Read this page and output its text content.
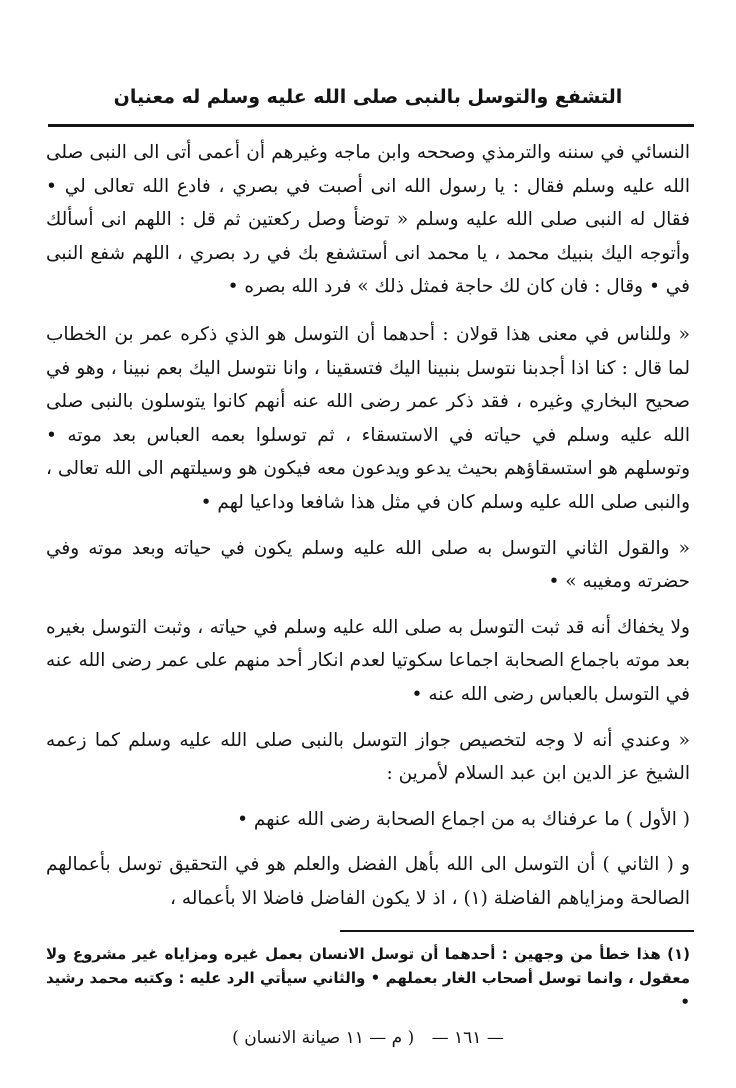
التشفع والتوسل بالنبى صلى الله عليه وسلم له معنيان

النسائي في سننه والترمذي وصححه وابن ماجه وغيرهم أن أعمى أتى الى النبى صلى الله عليه وسلم فقال : يا رسول الله انى أصبت في بصري ، فادع الله تعالى لي • فقال له النبى صلى الله عليه وسلم « توضأ وصل ركعتين ثم قل : اللهم انى أسألك وأتوجه اليك بنبيك محمد ، يا محمد انى أستشفع بك في رد بصري ، اللهم شفع النبى في • وقال : فان كان لك حاجة فمثل ذلك » فرد الله بصره •

« وللناس في معنى هذا قولان : أحدهما أن التوسل هو الذي ذكره عمر بن الخطاب لما قال : كنا اذا أجدبنا نتوسل بنبينا اليك فتسقينا ، وانا نتوسل اليك بعم نبينا ، وهو في صحيح البخاري وغيره ، فقد ذكر عمر رضى الله عنه أنهم كانوا يتوسلون بالنبى صلى الله عليه وسلم في حياته في الاستسقاء ، ثم توسلوا بعمه العباس بعد موته • وتوسلهم هو استسقاؤهم بحيث يدعو ويدعون معه فيكون هو وسيلتهم الى الله تعالى ، والنبى صلى الله عليه وسلم كان في مثل هذا شافعا وداعيا لهم •

« والقول الثاني التوسل به صلى الله عليه وسلم يكون في حياته وبعد موته وفي حضرته ومغيبه » •

ولا يخفاك أنه قد ثبت التوسل به صلى الله عليه وسلم في حياته ، وثبت التوسل بغيره بعد موته باجماع الصحابة اجماعا سكوتيا لعدم انكار أحد منهم على عمر رضى الله عنه في التوسل بالعباس رضى الله عنه •

« وعندي أنه لا وجه لتخصيص جواز التوسل بالنبى صلى الله عليه وسلم كما زعمه الشيخ عز الدين ابن عبد السلام لأمرين :

( الأول ) ما عرفناك به من اجماع الصحابة رضى الله عنهم •

و ( الثاني ) أن التوسل الى الله بأهل الفضل والعلم هو في التحقيق توسل بأعمالهم الصالحة ومزاياهم الفاضلة (١) ، اذ لا يكون الفاضل فاضلا الا بأعماله ،

(١) هذا خطأ من وجهين : أحدهما أن توسل الانسان بعمل غيره ومزاياه غير مشروع ولا معقول ، وانما توسل أصحاب الغار بعملهم • والثاني سيأتي الرد عليه : وكتبه محمد رشيد •
— ١٦١ — ( م — ١١ صيانة الانسان )
